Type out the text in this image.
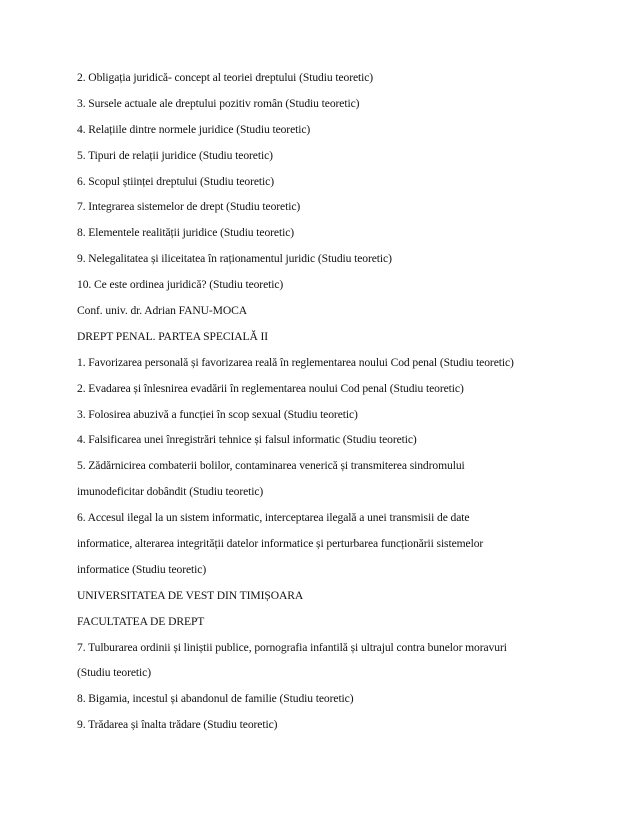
2. Obligația juridică- concept al teoriei dreptului (Studiu teoretic)
3. Sursele actuale ale dreptului pozitiv român (Studiu teoretic)
4. Relațiile dintre normele juridice (Studiu teoretic)
5. Tipuri de relații juridice (Studiu teoretic)
6. Scopul științei dreptului (Studiu teoretic)
7. Integrarea sistemelor de drept (Studiu teoretic)
8. Elementele realității juridice (Studiu teoretic)
9. Nelegalitatea și iliceitatea în raționamentul juridic (Studiu teoretic)
10. Ce este ordinea juridică? (Studiu teoretic)
Conf. univ. dr. Adrian FANU-MOCA
DREPT PENAL. PARTEA SPECIALĂ II
1. Favorizarea personală și favorizarea reală în reglementarea noului Cod penal (Studiu teoretic)
2. Evadarea și înlesnirea evadării în reglementarea noului Cod penal (Studiu teoretic)
3. Folosirea abuzivă a funcției în scop sexual (Studiu teoretic)
4. Falsificarea unei înregistrări tehnice și falsul informatic (Studiu teoretic)
5. Zădărnicirea combaterii bolilor, contaminarea venerică și transmiterea sindromului
imunodeficitar dobândit (Studiu teoretic)
6. Accesul ilegal la un sistem informatic, interceptarea ilegală a unei transmisii de date
informatice, alterarea integrității datelor informatice și perturbarea funcționării sistemelor
informatice (Studiu teoretic)
UNIVERSITATEA DE VEST DIN TIMIȘOARA
FACULTATEA DE DREPT
7. Tulburarea ordinii și liniștii publice, pornografia infantilă și ultrajul contra bunelor moravuri
(Studiu teoretic)
8. Bigamia, incestul și abandonul de familie (Studiu teoretic)
9. Trădarea și înalta trădare (Studiu teoretic)
